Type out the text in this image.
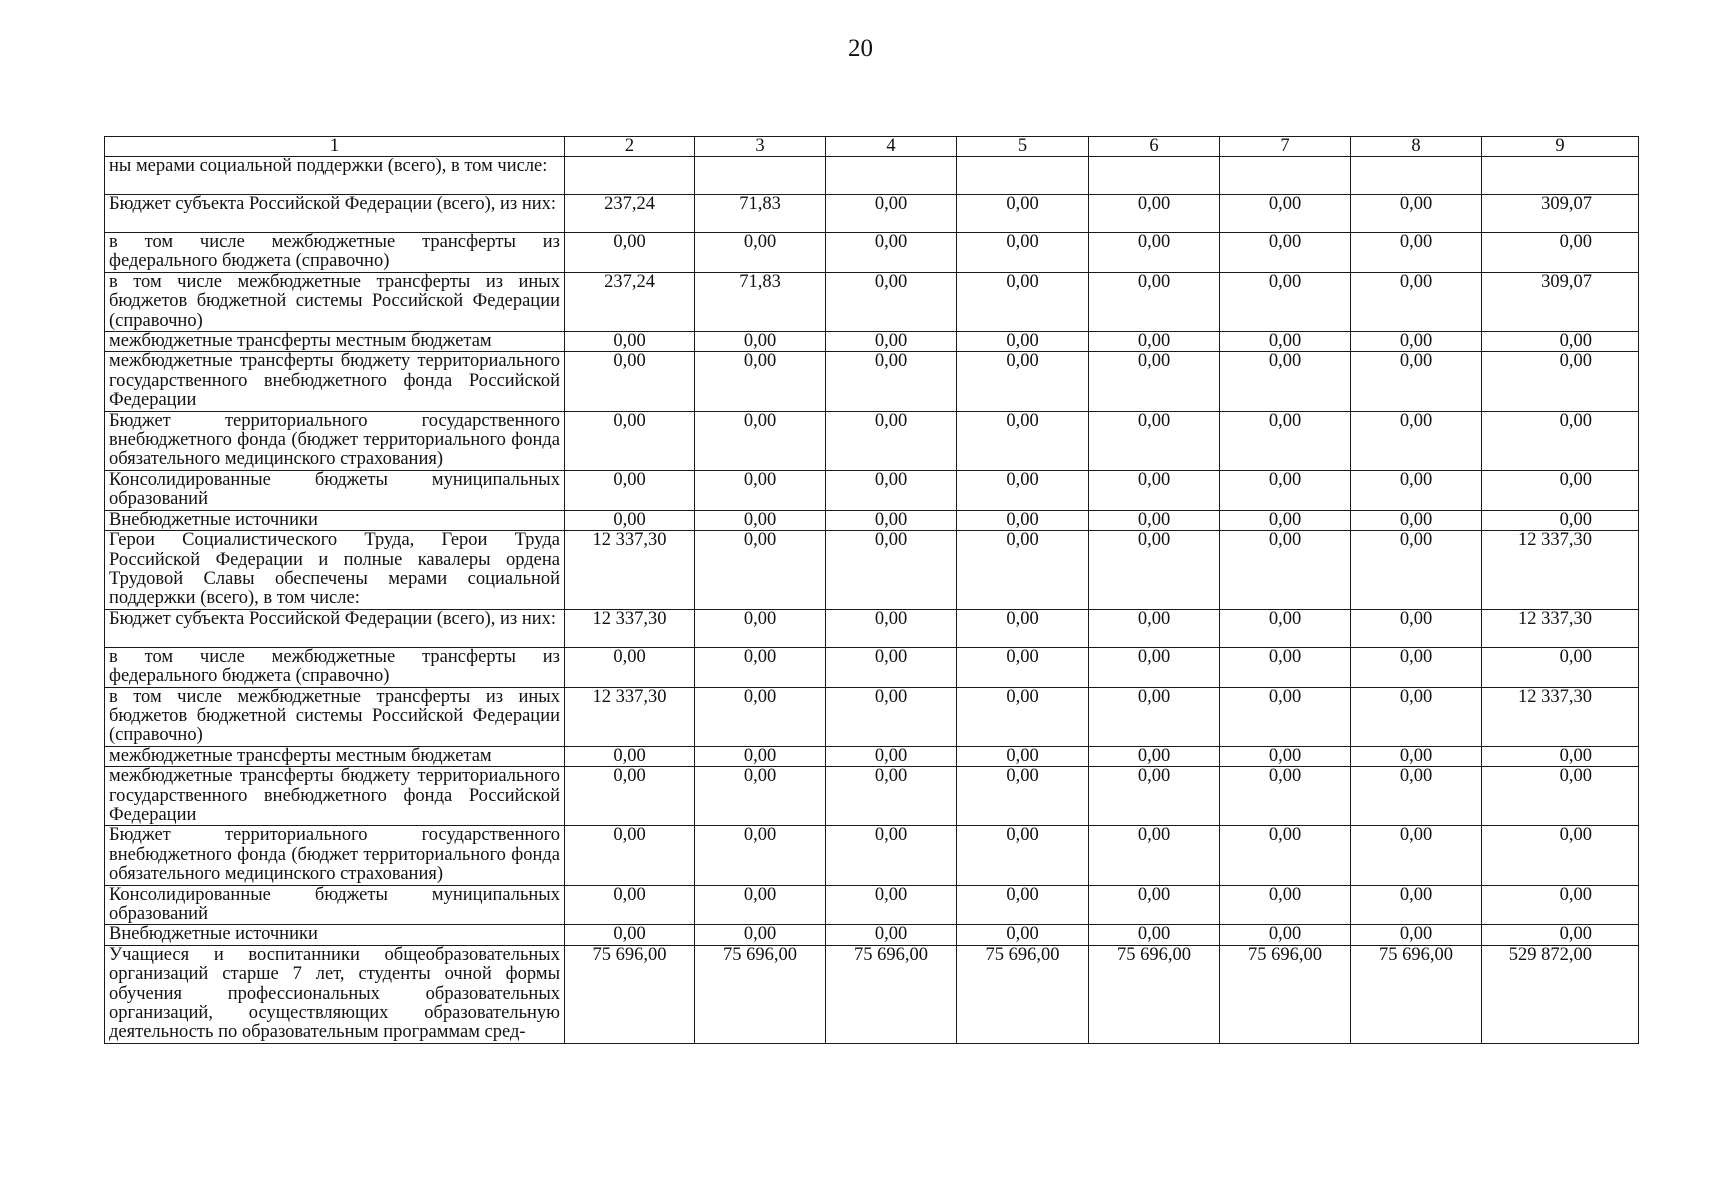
20
1	2	3	4	5	6	7	8	9
ны мерами социальной поддержки (всего), в том числе:								
Бюджет субъекта Российской Федерации (всего), из них:	237,24	71,83	0,00	0,00	0,00	0,00	0,00	309,07
в том числе межбюджетные трансферты из федерального бюджета (справочно)	0,00	0,00	0,00	0,00	0,00	0,00	0,00	0,00
в том числе межбюджетные трансферты из иных бюджетов бюджетной системы Российской Федерации (справочно)	237,24	71,83	0,00	0,00	0,00	0,00	0,00	309,07
межбюджетные трансферты местным бюджетам	0,00	0,00	0,00	0,00	0,00	0,00	0,00	0,00
межбюджетные трансферты бюджету территориального государственного внебюджетного фонда Российской Федерации	0,00	0,00	0,00	0,00	0,00	0,00	0,00	0,00
Бюджет территориального государственного внебюджетного фонда (бюджет территориального фонда обязательного медицинского страхования)	0,00	0,00	0,00	0,00	0,00	0,00	0,00	0,00
Консолидированные бюджеты муниципальных образований	0,00	0,00	0,00	0,00	0,00	0,00	0,00	0,00
Внебюджетные источники	0,00	0,00	0,00	0,00	0,00	0,00	0,00	0,00
Герои Социалистического Труда, Герои Труда Российской Федерации и полные кавалеры ордена Трудовой Славы обеспечены мерами социальной поддержки (всего), в том числе:	12 337,30	0,00	0,00	0,00	0,00	0,00	0,00	12 337,30
Бюджет субъекта Российской Федерации (всего), из них:	12 337,30	0,00	0,00	0,00	0,00	0,00	0,00	12 337,30
в том числе межбюджетные трансферты из федерального бюджета (справочно)	0,00	0,00	0,00	0,00	0,00	0,00	0,00	0,00
в том числе межбюджетные трансферты из иных бюджетов бюджетной системы Российской Федерации (справочно)	12 337,30	0,00	0,00	0,00	0,00	0,00	0,00	12 337,30
межбюджетные трансферты местным бюджетам	0,00	0,00	0,00	0,00	0,00	0,00	0,00	0,00
межбюджетные трансферты бюджету территориального государственного внебюджетного фонда Российской Федерации	0,00	0,00	0,00	0,00	0,00	0,00	0,00	0,00
Бюджет территориального государственного внебюджетного фонда (бюджет территориального фонда обязательного медицинского страхования)	0,00	0,00	0,00	0,00	0,00	0,00	0,00	0,00
Консолидированные бюджеты муниципальных образований	0,00	0,00	0,00	0,00	0,00	0,00	0,00	0,00
Внебюджетные источники	0,00	0,00	0,00	0,00	0,00	0,00	0,00	0,00
Учащиеся и воспитанники общеобразовательных организаций старше 7 лет, студенты очной формы обучения профессиональных образовательных организаций, осуществляющих образовательную деятельность по образовательным программам сред-	75 696,00	75 696,00	75 696,00	75 696,00	75 696,00	75 696,00	75 696,00	529 872,00
